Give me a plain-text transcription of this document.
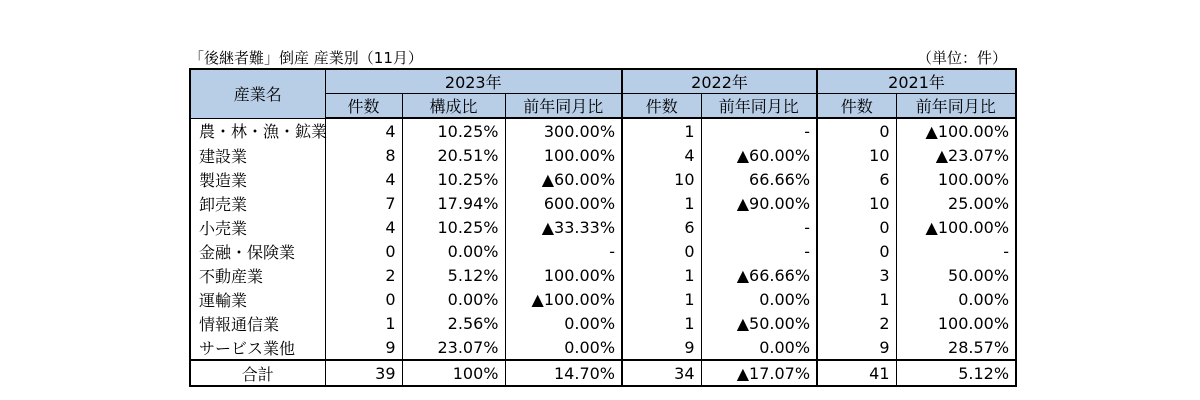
「後継者難」倒産 産業別（11月）	（単位：件）
産業名	2023年			2022年		2021年	
	件数	構成比	前年同月比	件数	前年同月比	件数	前年同月比
農・林・漁・鉱業	4	10.25%	300.00%	1	-	0	▲100.00%
建設業	8	20.51%	100.00%	4	▲60.00%	10	▲23.07%
製造業	4	10.25%	▲60.00%	10	66.66%	6	100.00%
卸売業	7	17.94%	600.00%	1	▲90.00%	10	25.00%
小売業	4	10.25%	▲33.33%	6	-	0	▲100.00%
金融・保険業	0	0.00%	-	0	-	0	-
不動産業	2	5.12%	100.00%	1	▲66.66%	3	50.00%
運輸業	0	0.00%	▲100.00%	1	0.00%	1	0.00%
情報通信業	1	2.56%	0.00%	1	▲50.00%	2	100.00%
サービス業他	9	23.07%	0.00%	9	0.00%	9	28.57%
合計	39	100%	14.70%	34	▲17.07%	41	5.12%
